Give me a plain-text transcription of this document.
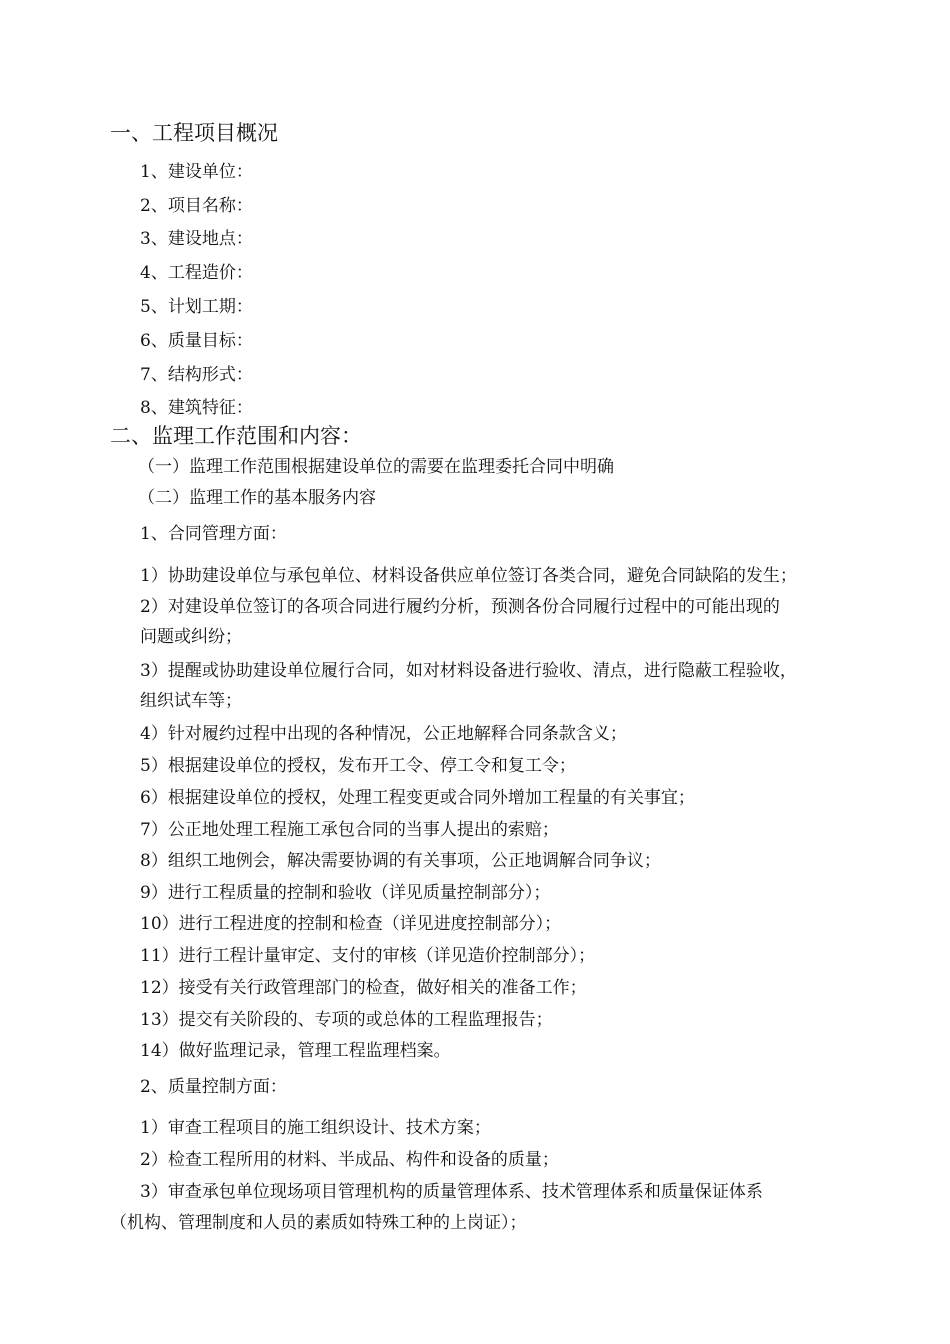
一、工程项目概况
1、建设单位：
2、项目名称：
3、建设地点：
4、工程造价：
5、计划工期：
6、质量目标：
7、结构形式：
8、建筑特征：
二、监理工作范围和内容：
（一）监理工作范围根据建设单位的需要在监理委托合同中明确
（二）监理工作的基本服务内容
1、合同管理方面：
1）协助建设单位与承包单位、材料设备供应单位签订各类合同，避免合同缺陷的发生；
2）对建设单位签订的各项合同进行履约分析，预测各份合同履行过程中的可能出现的
问题或纠纷；
3）提醒或协助建设单位履行合同，如对材料设备进行验收、清点，进行隐蔽工程验收，
组织试车等；
4）针对履约过程中出现的各种情况，公正地解释合同条款含义；
5）根据建设单位的授权，发布开工令、停工令和复工令；
6）根据建设单位的授权，处理工程变更或合同外增加工程量的有关事宜；
7）公正地处理工程施工承包合同的当事人提出的索赔；
8）组织工地例会，解决需要协调的有关事项，公正地调解合同争议；
9）进行工程质量的控制和验收（详见质量控制部分）；
10）进行工程进度的控制和检查（详见进度控制部分）；
11）进行工程计量审定、支付的审核（详见造价控制部分）；
12）接受有关行政管理部门的检查，做好相关的准备工作；
13）提交有关阶段的、专项的或总体的工程监理报告；
14）做好监理记录，管理工程监理档案。
2、质量控制方面：
1）审查工程项目的施工组织设计、技术方案；
2）检查工程所用的材料、半成品、构件和设备的质量；
3）审查承包单位现场项目管理机构的质量管理体系、技术管理体系和质量保证体系
（机构、管理制度和人员的素质如特殊工种的上岗证）；
